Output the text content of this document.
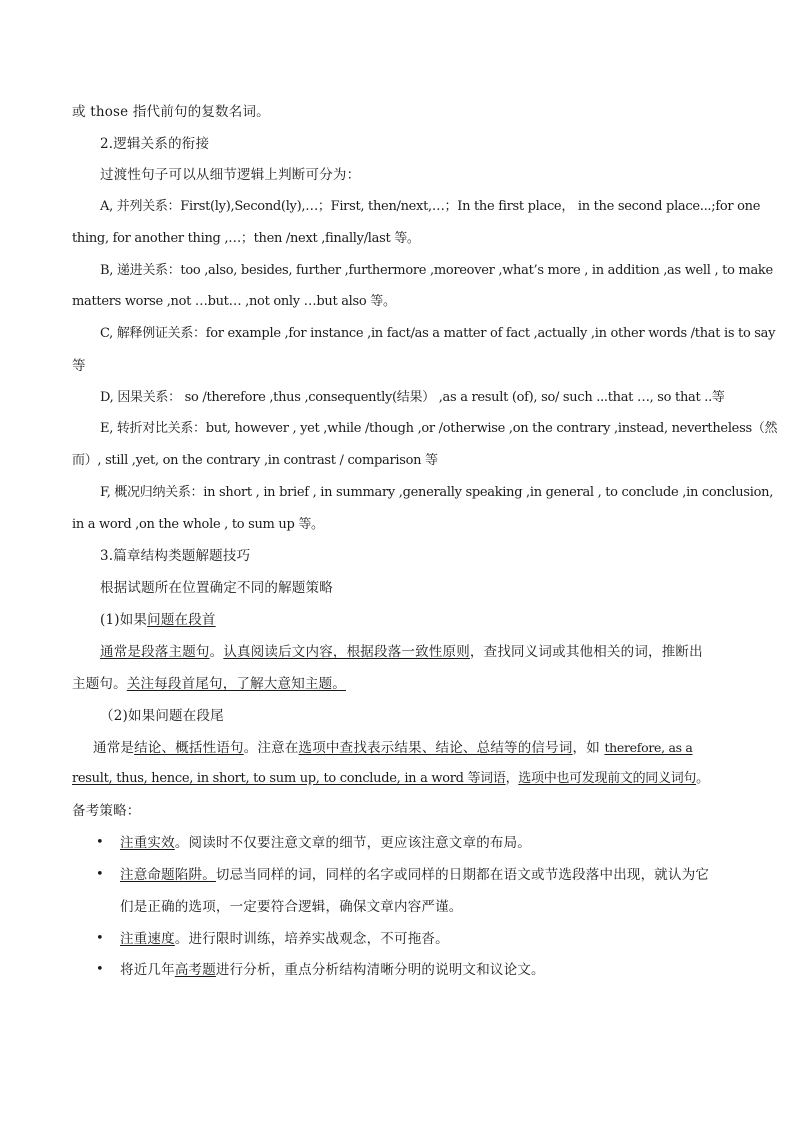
或 those 指代前句的复数名词。
2.逻辑关系的衔接
过渡性句子可以从细节逻辑上判断可分为：
A, 并列关系：First(ly),Second(ly),…；First, then/next,…；In the first place， in the second place...;for one
thing, for another thing ,…；then /next ,finally/last 等。
B, 递进关系：too ,also, besides, further ,furthermore ,moreover ,what’s more , in addition ,as well , to make
matters worse ,not …but… ,not only …but also 等。
C, 解释例证关系：for example ,for instance ,in fact/as a matter of fact ,actually ,in other words /that is to say
等
D, 因果关系： so /therefore ,thus ,consequently(结果） ,as a result (of), so/ such ...that …, so that ..等
E, 转折对比关系：but, however , yet ,while /though ,or /otherwise ,on the contrary ,instead, nevertheless（然
而）, still ,yet, on the contrary ,in contrast / comparison 等
F, 概况归纳关系：in short , in brief , in summary ,generally speaking ,in general , to conclude ,in conclusion,
in a word ,on the whole , to sum up 等。
3.篇章结构类题解题技巧
根据试题所在位置确定不同的解题策略
(1)如果问题在段首
通常是段落主题句。认真阅读后文内容，根据段落一致性原则，查找同义词或其他相关的词，推断出
主题句。关注每段首尾句，了解大意知主题。
（2)如果问题在段尾
通常是结论、概括性语句。注意在选项中查找表示结果、结论、总结等的信号词，如 therefore, as a
result, thus, hence, in short, to sum up, to conclude, in a word 等词语，选项中也可发现前文的同义词句。
备考策略：
• 注重实效。阅读时不仅要注意文章的细节，更应该注意文章的布局。
• 注意命题陷阱。切忌当同样的词，同样的名字或同样的日期都在语文或节选段落中出现，就认为它
们是正确的选项，一定要符合逻辑，确保文章内容严谨。
• 注重速度。进行限时训练，培养实战观念，不可拖沓。
• 将近几年高考题进行分析，重点分析结构清晰分明的说明文和议论文。
